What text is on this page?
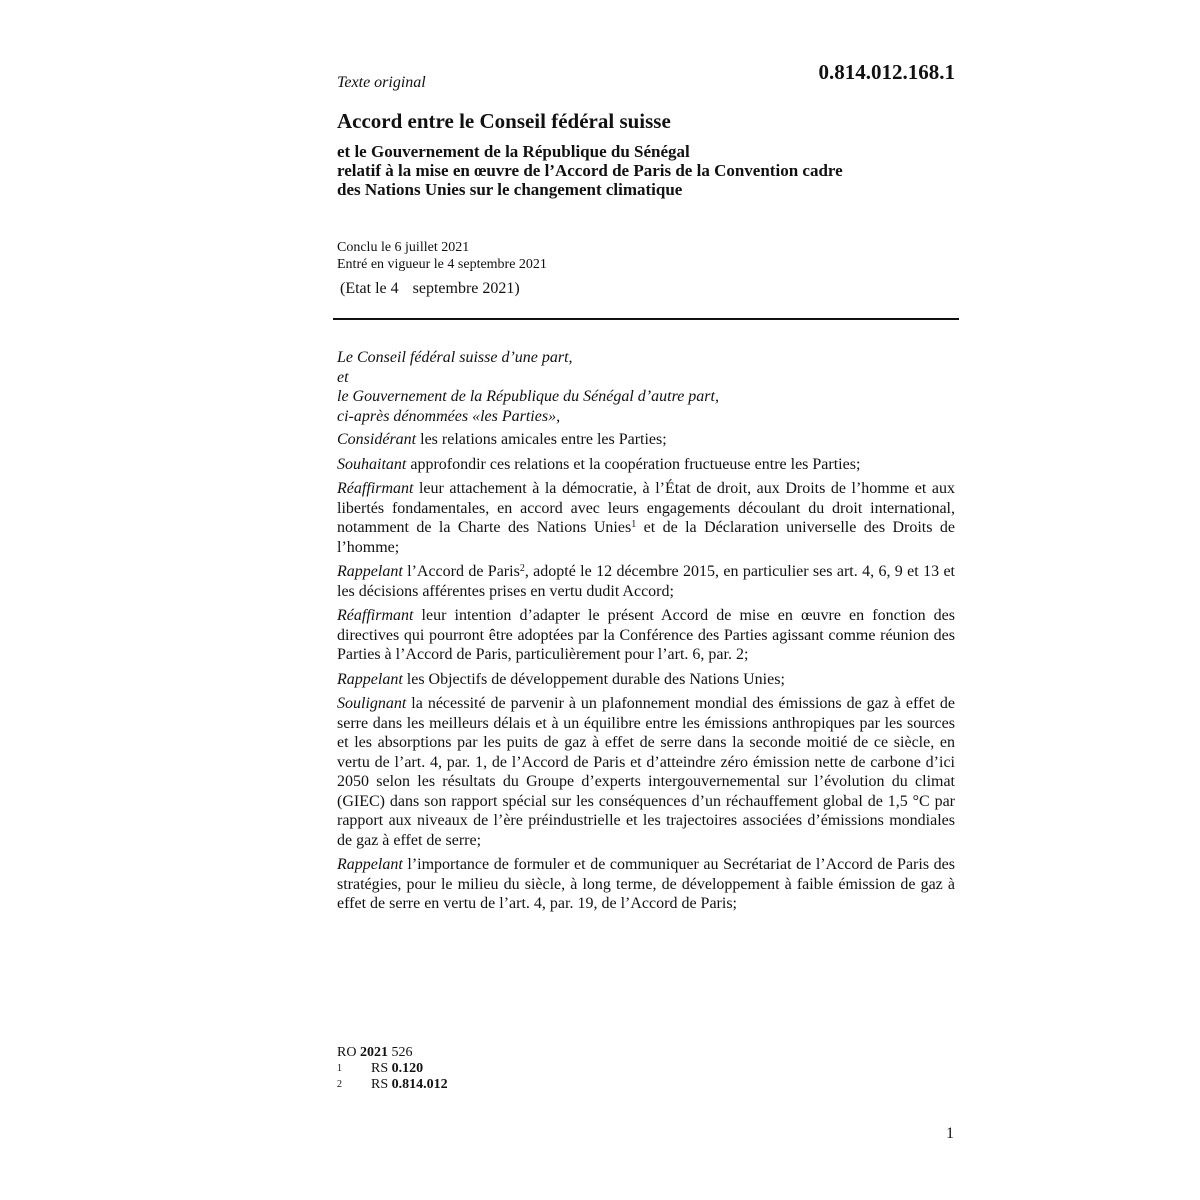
0.814.012.168.1
Texte original
Accord entre le Conseil fédéral suisse
et le Gouvernement de la République du Sénégal
relatif à la mise en œuvre de l’Accord de Paris de la Convention cadre
des Nations Unies sur le changement climatique
Conclu le 6 juillet 2021
Entré en vigueur le 4 septembre 2021
(Etat le 4 septembre 2021)
Le Conseil fédéral suisse d’une part,
et
le Gouvernement de la République du Sénégal d’autre part,
ci-après dénommées «les Parties»,

Considérant les relations amicales entre les Parties;

Souhaitant approfondir ces relations et la coopération fructueuse entre les Parties;

Réaffirmant leur attachement à la démocratie, à l’État de droit, aux Droits de l’homme et aux libertés fondamentales, en accord avec leurs engagements découlant du droit international, notamment de la Charte des Nations Unies$^1$ et de la Déclaration universelle des Droits de l’homme;

Rappelant l’Accord de Paris$^2$, adopté le 12 décembre 2015, en particulier ses art. 4, 6, 9 et 13 et les décisions afférentes prises en vertu dudit Accord;

Réaffirmant leur intention d’adapter le présent Accord de mise en œuvre en fonction des directives qui pourront être adoptées par la Conférence des Parties agissant comme réunion des Parties à l’Accord de Paris, particulièrement pour l’art. 6, par. 2;

Rappelant les Objectifs de développement durable des Nations Unies;

Soulignant la nécessité de parvenir à un plafonnement mondial des émissions de gaz à effet de serre dans les meilleurs délais et à un équilibre entre les émissions anthropiques par les sources et les absorptions par les puits de gaz à effet de serre dans la seconde moitié de ce siècle, en vertu de l’art. 4, par. 1, de l’Accord de Paris et d’atteindre zéro émission nette de carbone d’ici 2050 selon les résultats du Groupe d’experts intergouvernemental sur l’évolution du climat (GIEC) dans son rapport spécial sur les conséquences d’un réchauffement global de 1,5 °C par rapport aux niveaux de l’ère préindustrielle et les trajectoires associées d’émissions mondiales de gaz à effet de serre;

Rappelant l’importance de formuler et de communiquer au Secrétariat de l’Accord de Paris des stratégies, pour le milieu du siècle, à long terme, de développement à faible émission de gaz à effet de serre en vertu de l’art. 4, par. 19, de l’Accord de Paris;

RO 2021 526
1	RS 0.120
2	RS 0.814.012
1
